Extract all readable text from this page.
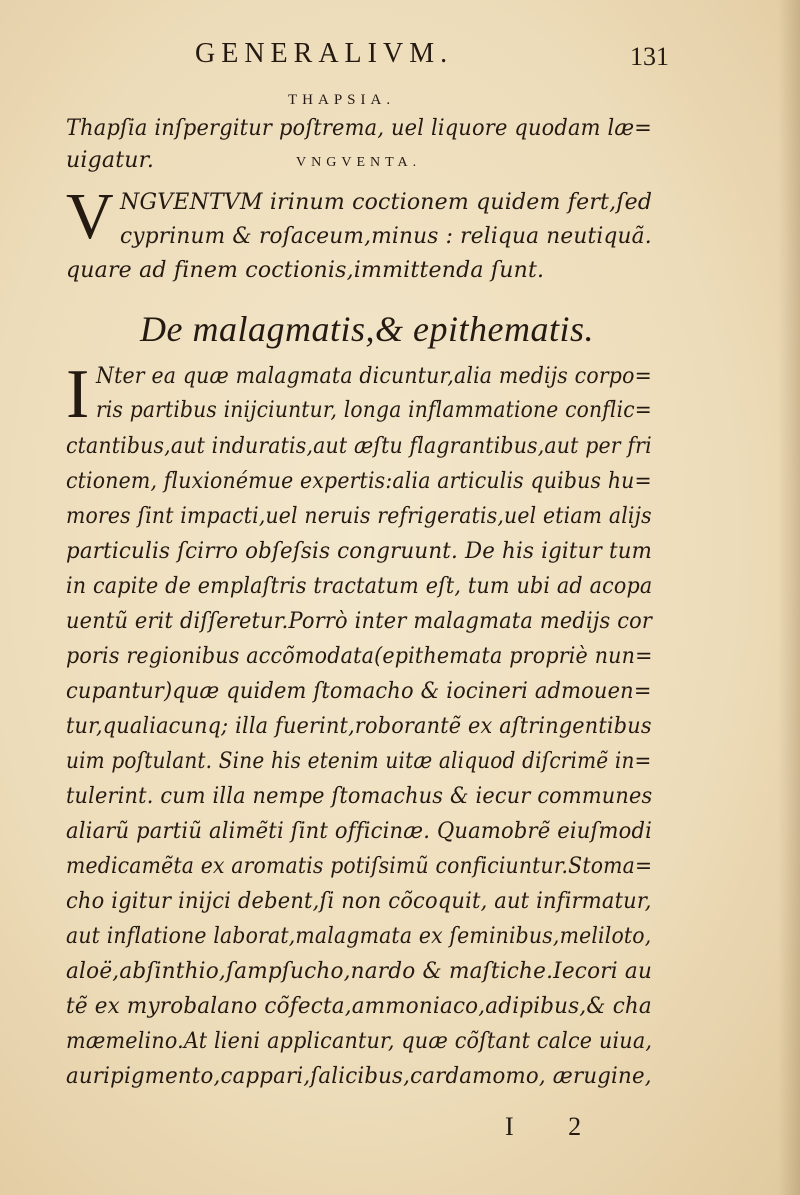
GENERALIVM.	131
THAPSIA.
Thapſia inſpergitur poſtrema, uel liquore quodam læ=
uigatur.	VNGVENTA.
V NGVENTVM irinum coctionem quidem fert,ſed
cyprinum & roſaceum,minus : reliqua neutiquã.
quare ad finem coctionis,immittenda ſunt.
De malagmatis,& epithematis.
I Nter ea quæ malagmata dicuntur,alia medijs corpo=
ris partibus inijciuntur, longa inflammatione conflic=
ctantibus,aut induratis,aut æſtu flagrantibus,aut per fri
ctionem, fluxionémue expertis:alia articulis quibus hu=
mores ſint impacti,uel neruis refrigeratis,uel etiam alijs
particulis ſcirro obſeſsis congruunt. De his igitur tum
in capite de emplaſtris tractatum eſt, tum ubi ad acopa
uentũ erit diſſeretur.Porrò inter malagmata medijs cor
poris regionibus accõmodata(epithemata propriè nun=
cupantur)quæ quidem ſtomacho & iocineri admouen=
tur,qualiacunq; illa fuerint,roborantẽ ex aſtringentibus
uim poſtulant. Sine his etenim uitæ aliquod diſcrimẽ in=
tulerint. cum illa nempe ſtomachus & iecur communes
aliarũ partiũ alimẽti ſint officinæ. Quamobrẽ eiuſmodi
medicamẽta ex aromatis potiſsimũ conficiuntur.Stoma=
cho igitur inijci debent,ſi non cõcoquit, aut infirmatur,
aut inflatione laborat,malagmata ex ſeminibus,meliloto,
aloë,abſinthio,ſampſucho,nardo & maſtiche.Iecori au
tẽ ex myrobalano cõfecta,ammoniaco,adipibus,& cha
mæmelino.At lieni applicantur, quæ cõſtant calce uiua,
auripigmento,cappari,ſalicibus,cardamomo, ærugine,
I 2
